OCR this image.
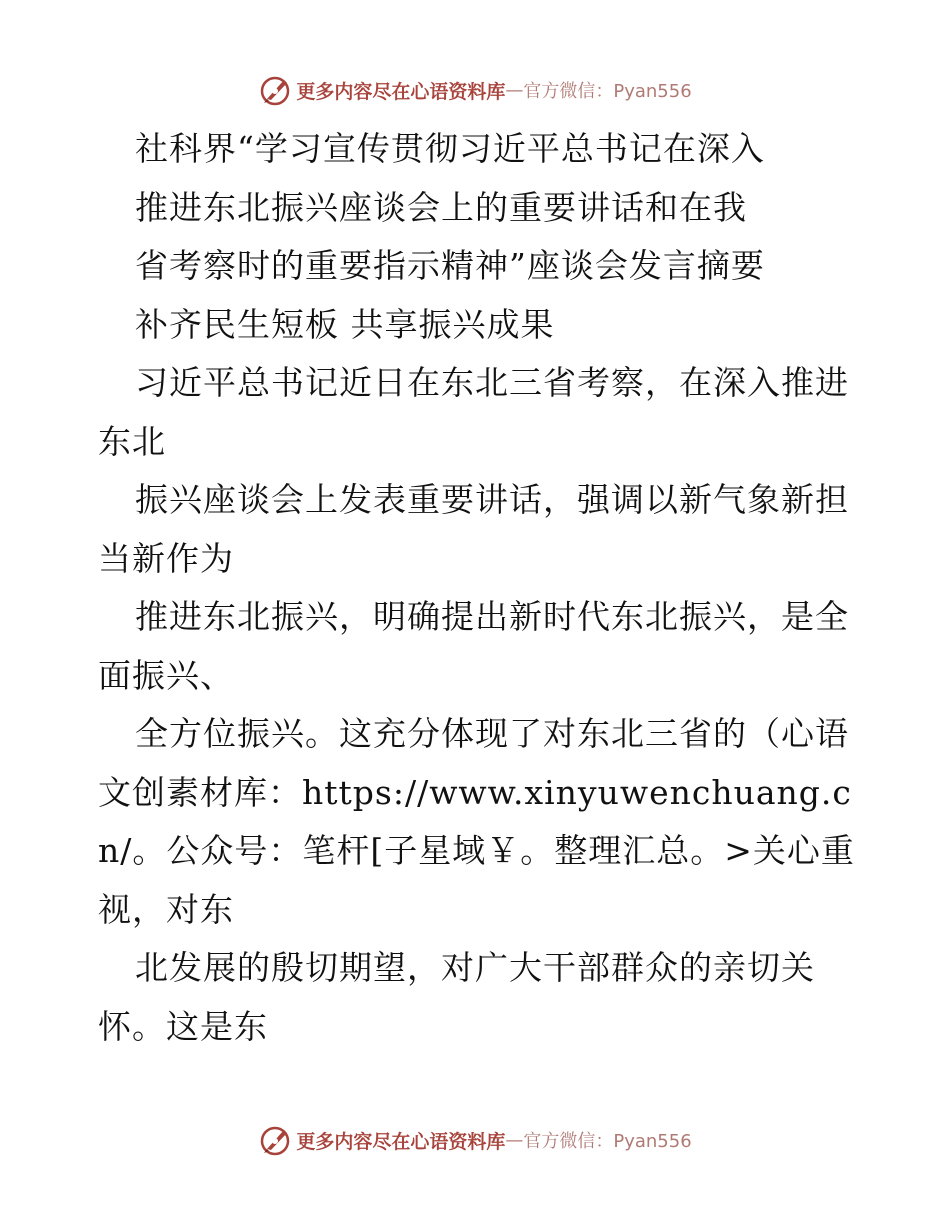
更多内容尽在心语资料库 — 官方微信：Pyan556

社科界“学习宣传贯彻习近平总书记在深入

推进东北振兴座谈会上的重要讲话和在我

省考察时的重要指示精神”座谈会发言摘要

补齐民生短板 共享振兴成果

习近平总书记近日在东北三省考察，在深入推进东北

振兴座谈会上发表重要讲话，强调以新气象新担当新作为

推进东北振兴，明确提出新时代东北振兴，是全面振兴、

全方位振兴。这充分体现了对东北三省的（心语文创素材库：https://www.xinyuwenchuang.cn/。公众号：笔杆[子星域￥。整理汇总。>关心重视，对东

北发展的殷切期望，对广大干部群众的亲切关怀。这是东

更多内容尽在心语资料库 — 官方微信：Pyan556
